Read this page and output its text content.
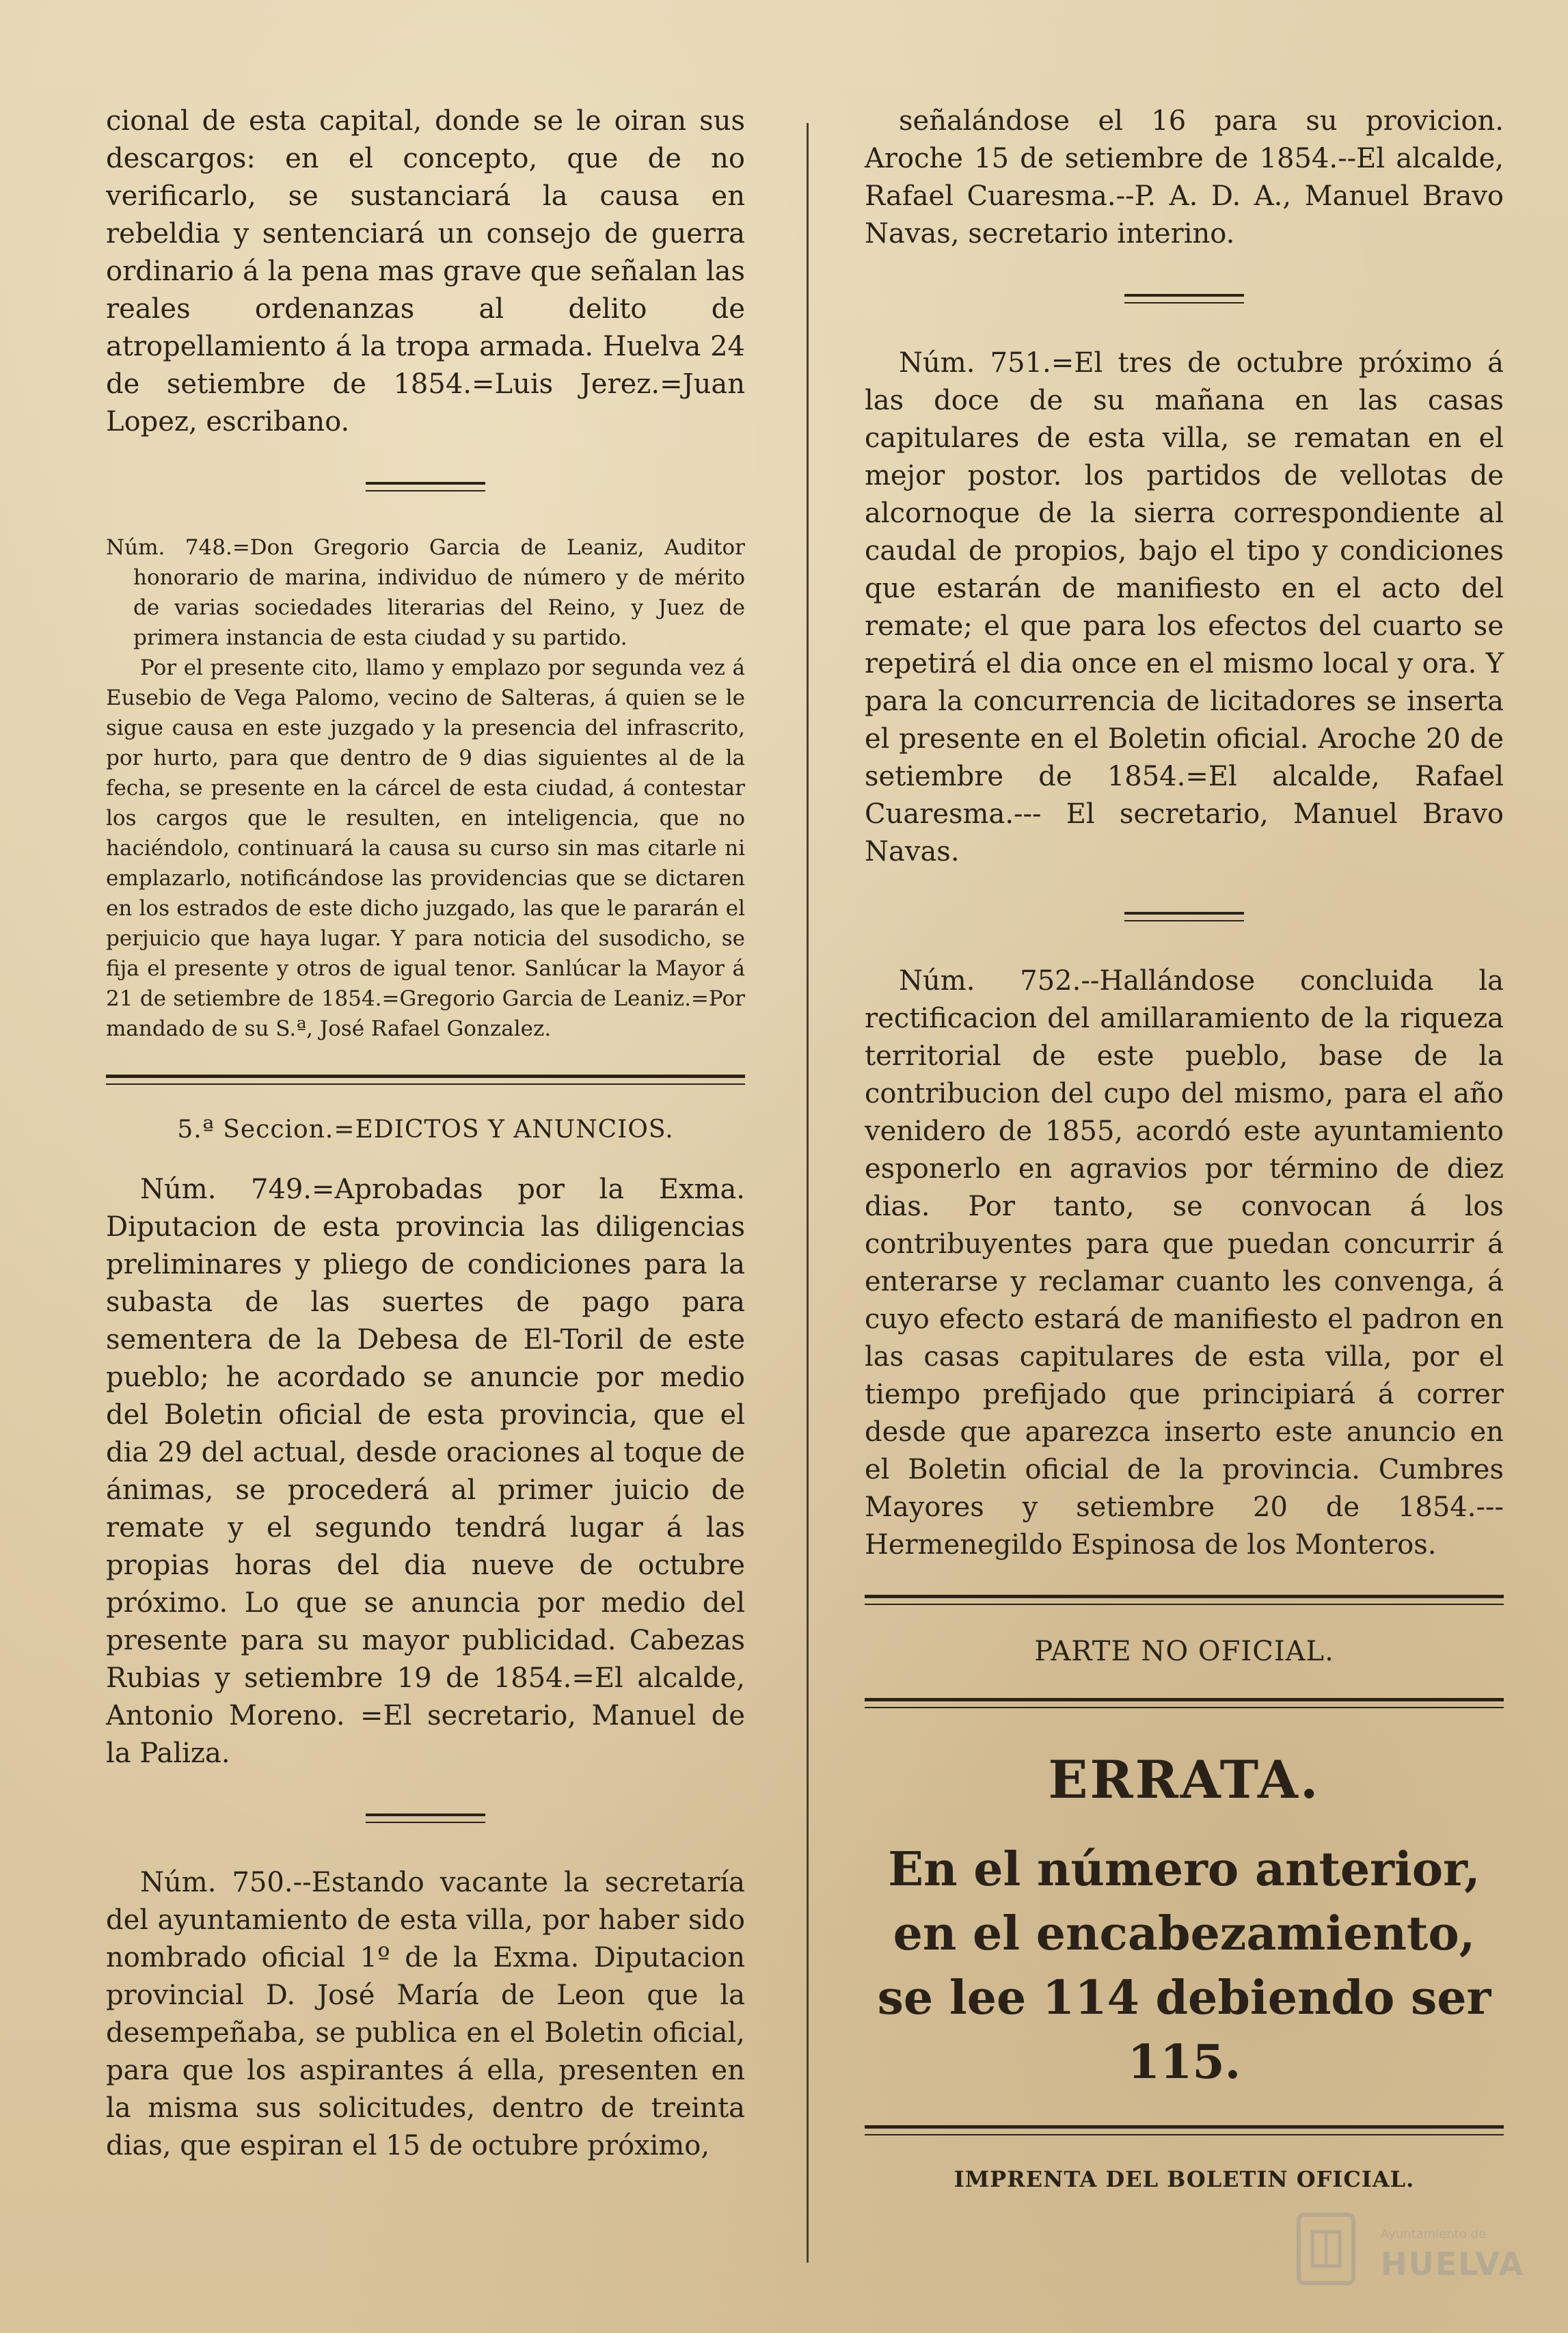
cional de esta capital, donde se le oiran sus descargos: en el concepto, que de no verificarlo, se sustanciará la causa en rebeldia y sentenciará un consejo de guerra ordinario á la pena mas grave que señalan las reales ordenanzas al delito de atropellamiento á la tropa armada. Huelva 24 de setiembre de 1854.=Luis Jerez.=Juan Lopez, escribano.

Núm. 748.=Don Gregorio Garcia de Leaniz, Auditor honorario de marina, individuo de número y de mérito de varias sociedades literarias del Reino, y Juez de primera instancia de esta ciudad y su partido.

Por el presente cito, llamo y emplazo por segunda vez á Eusebio de Vega Palomo, vecino de Salteras, á quien se le sigue causa en este juzgado y la presencia del infrascrito, por hurto, para que dentro de 9 dias siguientes al de la fecha, se presente en la cárcel de esta ciudad, á contestar los cargos que le resulten, en inteligencia, que no haciéndolo, continuará la causa su curso sin mas citarle ni emplazarlo, notificándose las providencias que se dictaren en los estrados de este dicho juzgado, las que le pararán el perjuicio que haya lugar. Y para noticia del susodicho, se fija el presente y otros de igual tenor. Sanlúcar la Mayor á 21 de setiembre de 1854.=Gregorio Garcia de Leaniz.=Por mandado de su S.ª, José Rafael Gonzalez.

5.ª Seccion.=EDICTOS Y ANUNCIOS.

Núm. 749.=Aprobadas por la Exma. Diputacion de esta provincia las diligencias preliminares y pliego de condiciones para la subasta de las suertes de pago para sementera de la Debesa de El-Toril de este pueblo; he acordado se anuncie por medio del Boletin oficial de esta provincia, que el dia 29 del actual, desde oraciones al toque de ánimas, se procederá al primer juicio de remate y el segundo tendrá lugar á las propias horas del dia nueve de octubre próximo. Lo que se anuncia por medio del presente para su mayor publicidad. Cabezas Rubias y setiembre 19 de 1854.=El alcalde, Antonio Moreno. =El secretario, Manuel de la Paliza.

Núm. 750.--Estando vacante la secretaría del ayuntamiento de esta villa, por haber sido nombrado oficial 1º de la Exma. Diputacion provincial D. José María de Leon que la desempeñaba, se publica en el Boletin oficial, para que los aspirantes á ella, presenten en la misma sus solicitudes, dentro de treinta dias, que espiran el 15 de octubre próximo,

señalándose el 16 para su provicion. Aroche 15 de setiembre de 1854.--El alcalde, Rafael Cuaresma.--P. A. D. A., Manuel Bravo Navas, secretario interino.

Núm. 751.=El tres de octubre próximo á las doce de su mañana en las casas capitulares de esta villa, se rematan en el mejor postor. los partidos de vellotas de alcornoque de la sierra correspondiente al caudal de propios, bajo el tipo y condiciones que estarán de manifiesto en el acto del remate; el que para los efectos del cuarto se repetirá el dia once en el mismo local y ora. Y para la concurrencia de licitadores se inserta el presente en el Boletin oficial. Aroche 20 de setiembre de 1854.=El alcalde, Rafael Cuaresma.--- El secretario, Manuel Bravo Navas.

Núm. 752.--Hallándose concluida la rectificacion del amillaramiento de la riqueza territorial de este pueblo, base de la contribucion del cupo del mismo, para el año venidero de 1855, acordó este ayuntamiento esponerlo en agravios por término de diez dias. Por tanto, se convocan á los contribuyentes para que puedan concurrir á enterarse y reclamar cuanto les convenga, á cuyo efecto estará de manifiesto el padron en las casas capitulares de esta villa, por el tiempo prefijado que principiará á correr desde que aparezca inserto este anuncio en el Boletin oficial de la provincia. Cumbres Mayores y setiembre 20 de 1854.---Hermenegildo Espinosa de los Monteros.

PARTE NO OFICIAL.
ERRATA.
En el número anterior, en el encabezamiento, se lee 114 debiendo ser 115.
IMPRENTA DEL BOLETIN OFICIAL.
Ayuntamiento de
HUELVA
